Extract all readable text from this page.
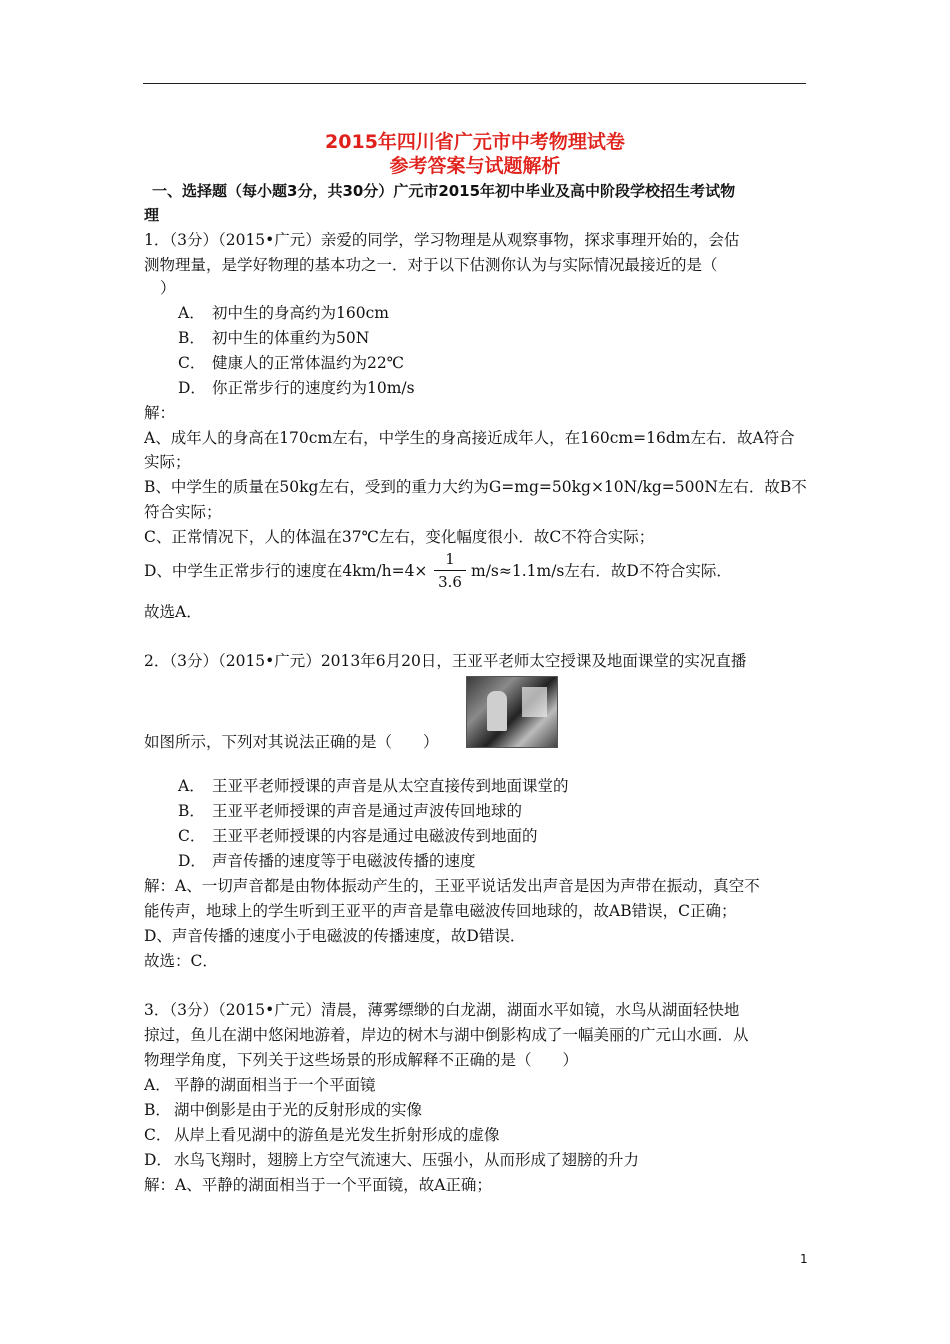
2015年四川省广元市中考物理试卷
参考答案与试题解析
一、选择题（每小题3分，共30分）广元市2015年初中毕业及高中阶段学校招生考试物
理
1．（3分）（2015•广元）亲爱的同学，学习物理是从观察事物，探求事理开始的，会估
测物理量，是学好物理的基本功之一．对于以下估测你认为与实际情况最接近的是（
）
A． 初中生的身高约为160cm
B． 初中生的体重约为50N
C． 健康人的正常体温约为22℃
D． 你正常步行的速度约为10m/s
解：
A、成年人的身高在170cm左右，中学生的身高接近成年人，在160cm=16dm左右．故A符合
实际；
B、中学生的质量在50kg左右，受到的重力大约为G=mg=50kg×10N/kg=500N左右．故B不
符合实际；
C、正常情况下，人的体温在37℃左右，变化幅度很小．故C不符合实际；
D、中学生正常步行的速度在4km/h=4×
1
3.6
m/s≈1.1m/s左右．故D不符合实际．
故选A．
2．（3分）（2015•广元）2013年6月20日，王亚平老师太空授课及地面课堂的实况直播
如图所示，下列对其说法正确的是（　　）
A． 王亚平老师授课的声音是从太空直接传到地面课堂的
B． 王亚平老师授课的声音是通过声波传回地球的
C． 王亚平老师授课的内容是通过电磁波传到地面的
D． 声音传播的速度等于电磁波传播的速度
解：A、一切声音都是由物体振动产生的，王亚平说话发出声音是因为声带在振动，真空不
能传声，地球上的学生听到王亚平的声音是靠电磁波传回地球的，故AB错误，C正确；
D、声音传播的速度小于电磁波的传播速度，故D错误．
故选：C．
3．（3分）（2015•广元）清晨，薄雾缥缈的白龙湖，湖面水平如镜，水鸟从湖面轻快地
掠过，鱼儿在湖中悠闲地游着，岸边的树木与湖中倒影构成了一幅美丽的广元山水画．从
物理学角度，下列关于这些场景的形成解释不正确的是（　　）
A． 平静的湖面相当于一个平面镜
B． 湖中倒影是由于光的反射形成的实像
C． 从岸上看见湖中的游鱼是光发生折射形成的虚像
D． 水鸟飞翔时，翅膀上方空气流速大、压强小，从而形成了翅膀的升力
解：A、平静的湖面相当于一个平面镜，故A正确；
1
